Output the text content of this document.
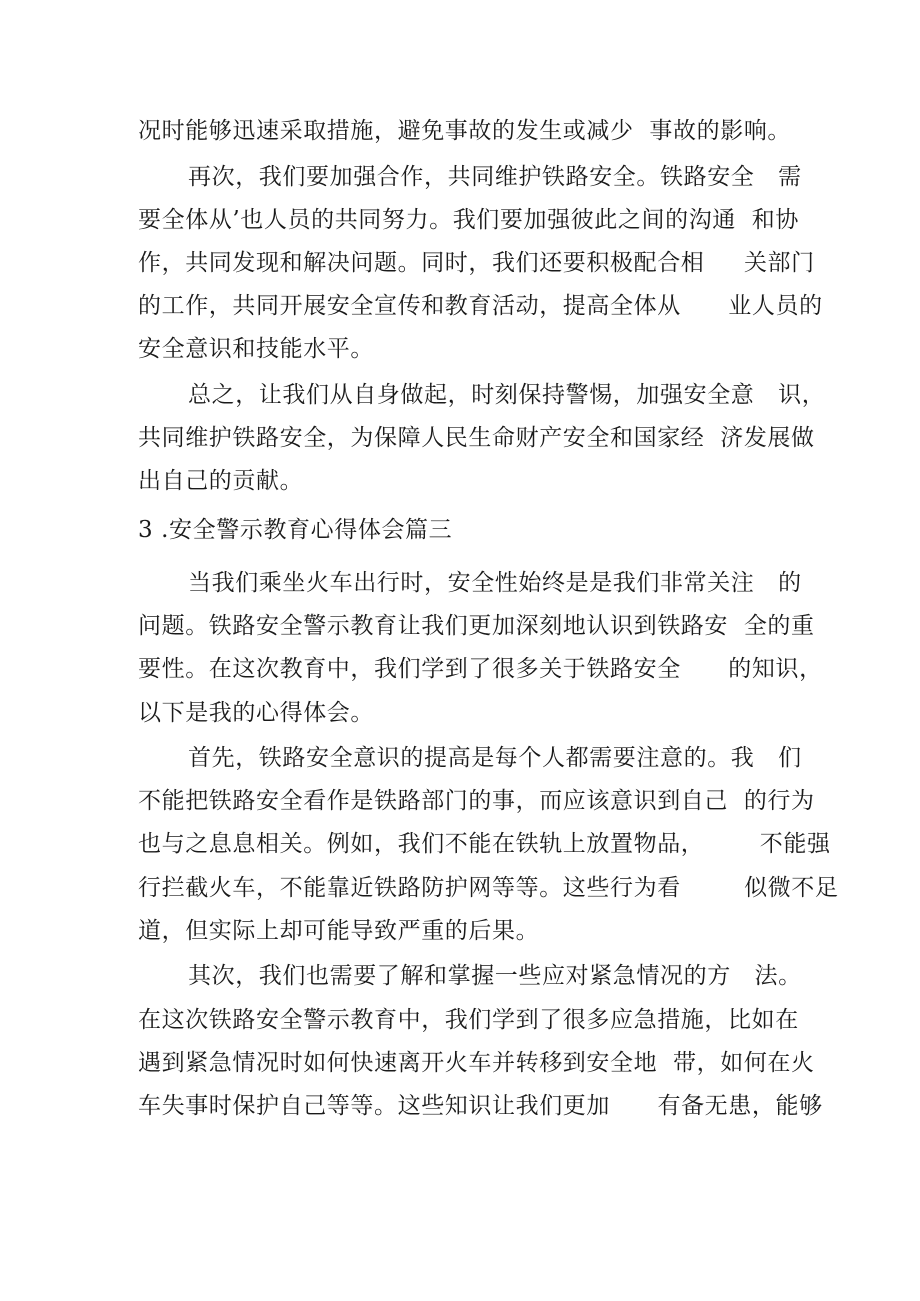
况时能够迅速采取措施，避免事故的发生或减少  事故的影响。
再次，我们要加强合作，共同维护铁路安全。铁路安全   需
要全体从’也人员的共同努力。我们要加强彼此之间的沟通  和协
作，共同发现和解决问题。同时，我们还要积极配合相     关部门
的工作，共同开展安全宣传和教育活动，提高全体从      业人员的
安全意识和技能水平。
总之，让我们从自身做起，时刻保持警惕，加强安全意   识，
共同维护铁路安全，为保障人民生命财产安全和国家经  济发展做
出自己的贡献。
3 .安全警示教育心得体会篇三
当我们乘坐火车出行时，安全性始终是是我们非常关注   的
问题。铁路安全警示教育让我们更加深刻地认识到铁路安  全的重
要性。在这次教育中，我们学到了很多关于铁路安全      的知识，
以下是我的心得体会。
首先，铁路安全意识的提高是每个人都需要注意的。我   们
不能把铁路安全看作是铁路部门的事，而应该意识到自己  的行为
也与之息息相关。例如，我们不能在铁轨上放置物品，       不能强
行拦截火车，不能靠近铁路防护网等等。这些行为看        似微不足
道，但实际上却可能导致严重的后果。
其次，我们也需要了解和掌握一些应对紧急情况的方   法。
在这次铁路安全警示教育中，我们学到了很多应急措施，比如在
遇到紧急情况时如何快速离开火车并转移到安全地  带，如何在火
车失事时保护自己等等。这些知识让我们更加      有备无患，能够
